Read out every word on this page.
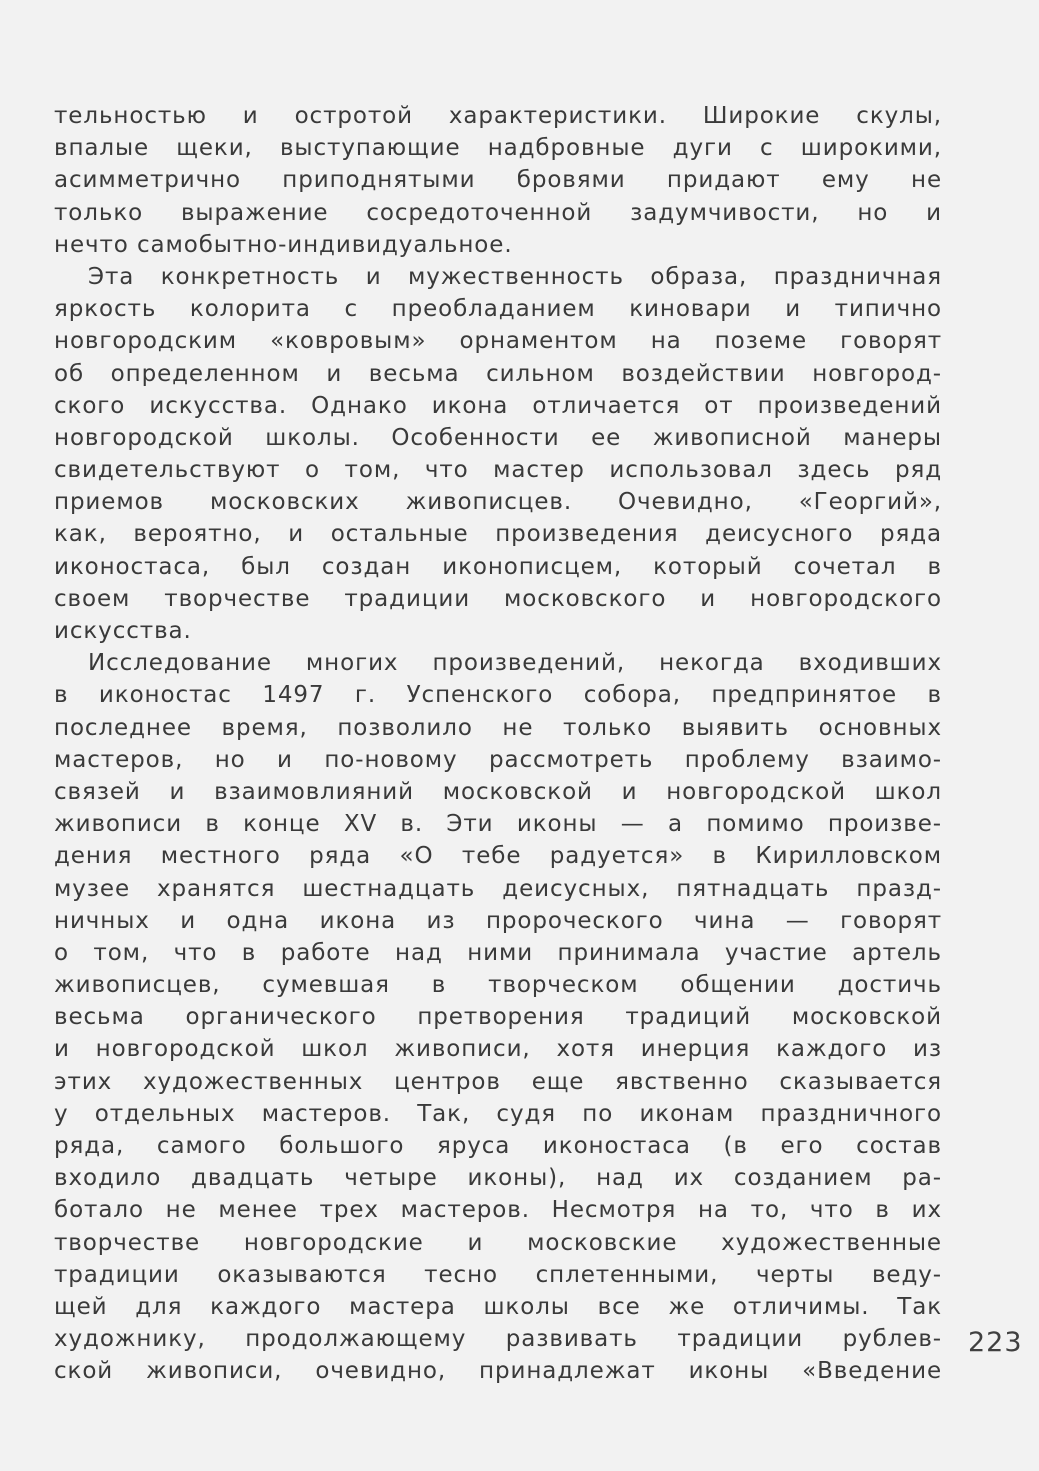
тельностью и остротой характеристики. Широкие скулы,
впалые щеки, выступающие надбровные дуги с широкими,
асимметрично приподнятыми бровями придают ему не
только выражение сосредоточенной задумчивости, но и
нечто самобытно-индивидуальное.
Эта конкретность и мужественность образа, праздничная
яркость колорита с преобладанием киновари и типично
новгородским «ковровым» орнаментом на поземе говорят
об определенном и весьма сильном воздействии новгород-
ского искусства. Однако икона отличается от произведений
новгородской школы. Особенности ее живописной манеры
свидетельствуют о том, что мастер использовал здесь ряд
приемов московских живописцев. Очевидно, «Георгий»,
как, вероятно, и остальные произведения деисусного ряда
иконостаса, был создан иконописцем, который сочетал в
своем творчестве традиции московского и новгородского
искусства.
Исследование многих произведений, некогда входивших
в иконостас 1497 г. Успенского собора, предпринятое в
последнее время, позволило не только выявить основных
мастеров, но и по-новому рассмотреть проблему взаимо-
связей и взаимовлияний московской и новгородской школ
живописи в конце XV в. Эти иконы — а помимо произве-
дения местного ряда «О тебе радуется» в Кирилловском
музее хранятся шестнадцать деисусных, пятнадцать празд-
ничных и одна икона из пророческого чина — говорят
о том, что в работе над ними принимала участие артель
живописцев, сумевшая в творческом общении достичь
весьма органического претворения традиций московской
и новгородской школ живописи, хотя инерция каждого из
этих художественных центров еще явственно сказывается
у отдельных мастеров. Так, судя по иконам праздничного
ряда, самого большого яруса иконостаса (в его состав
входило двадцать четыре иконы), над их созданием ра-
ботало не менее трех мастеров. Несмотря на то, что в их
творчестве новгородские и московские художественные
традиции оказываются тесно сплетенными, черты веду-
щей для каждого мастера школы все же отличимы. Так
художнику, продолжающему развивать традиции рублев-
ской живописи, очевидно, принадлежат иконы «Введение
223
